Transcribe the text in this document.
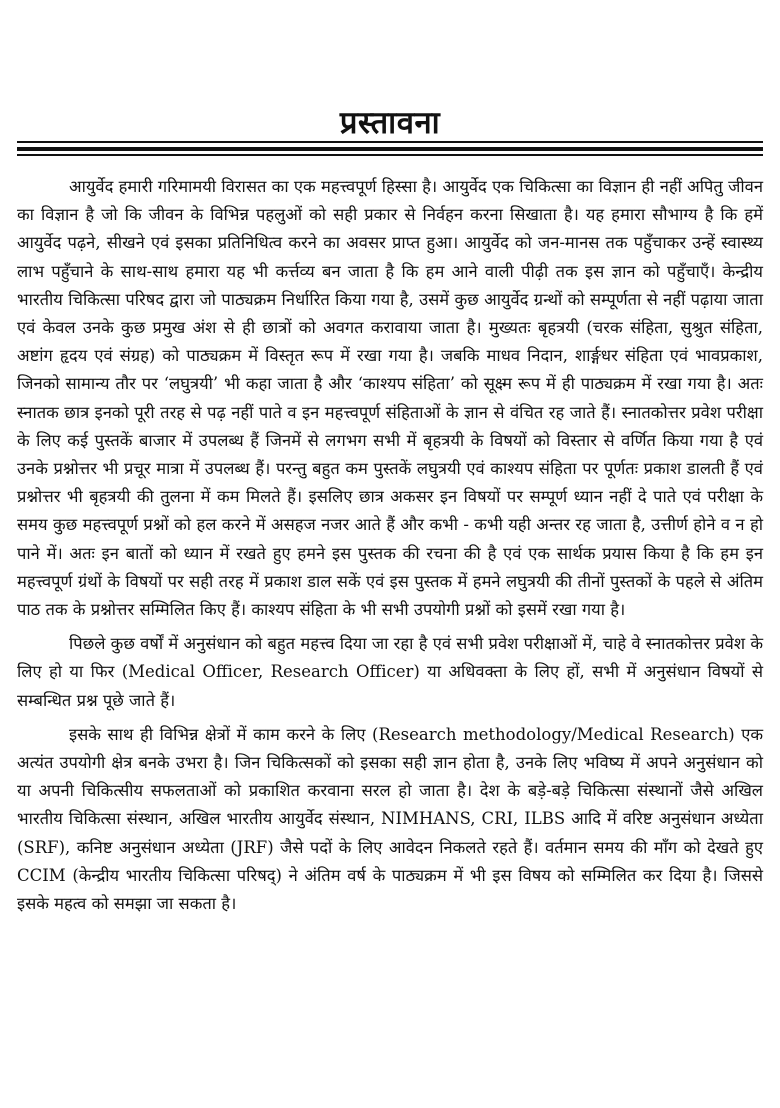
प्रस्तावना

आयुर्वेद हमारी गरिमामयी विरासत का एक महत्त्वपूर्ण हिस्सा है। आयुर्वेद एक चिकित्सा का विज्ञान ही नहीं अपितु जीवन का विज्ञान है जो कि जीवन के विभिन्न पहलुओं को सही प्रकार से निर्वहन करना सिखाता है। यह हमारा सौभाग्य है कि हमें आयुर्वेद पढ़ने, सीखने एवं इसका प्रतिनिधित्व करने का अवसर प्राप्त हुआ। आयुर्वेद को जन-मानस तक पहुँचाकर उन्हें स्वास्थ्य लाभ पहुँचाने के साथ-साथ हमारा यह भी कर्त्तव्य बन जाता है कि हम आने वाली पीढ़ी तक इस ज्ञान को पहुँचाएँ। केन्द्रीय भारतीय चिकित्सा परिषद द्वारा जो पाठ्यक्रम निर्धारित किया गया है, उसमें कुछ आयुर्वेद ग्रन्थों को सम्पूर्णता से नहीं पढ़ाया जाता एवं केवल उनके कुछ प्रमुख अंश से ही छात्रों को अवगत करावाया जाता है। मुख्यतः बृहत्रयी (चरक संहिता, सुश्रुत संहिता, अष्टांग हृदय एवं संग्रह) को पाठ्यक्रम में विस्तृत रूप में रखा गया है। जबकि माधव निदान, शार्ङ्गधर संहिता एवं भावप्रकाश, जिनको सामान्य तौर पर ‘लघुत्रयी’ भी कहा जाता है और ‘काश्यप संहिता’ को सूक्ष्म रूप में ही पाठ्यक्रम में रखा गया है। अतः स्नातक छात्र इनको पूरी तरह से पढ़ नहीं पाते व इन महत्त्वपूर्ण संहिताओं के ज्ञान से वंचित रह जाते हैं। स्नातकोत्तर प्रवेश परीक्षा के लिए कई पुस्तकें बाजार में उपलब्ध हैं जिनमें से लगभग सभी में बृहत्रयी के विषयों को विस्तार से वर्णित किया गया है एवं उनके प्रश्नोत्तर भी प्रचूर मात्रा में उपलब्ध हैं। परन्तु बहुत कम पुस्तकें लघुत्रयी एवं काश्यप संहिता पर पूर्णतः प्रकाश डालती हैं एवं प्रश्नोत्तर भी बृहत्रयी की तुलना में कम मिलते हैं। इसलिए छात्र अकसर इन विषयों पर सम्पूर्ण ध्यान नहीं दे पाते एवं परीक्षा के समय कुछ महत्त्वपूर्ण प्रश्नों को हल करने में असहज नजर आते हैं और कभी - कभी यही अन्तर रह जाता है, उत्तीर्ण होने व न हो पाने में। अतः इन बातों को ध्यान में रखते हुए हमने इस पुस्तक की रचना की है एवं एक सार्थक प्रयास किया है कि हम इन महत्त्वपूर्ण ग्रंथों के विषयों पर सही तरह में प्रकाश डाल सकें एवं इस पुस्तक में हमने लघुत्रयी की तीनों पुस्तकों के पहले से अंतिम पाठ तक के प्रश्नोत्तर सम्मिलित किए हैं। काश्यप संहिता के भी सभी उपयोगी प्रश्नों को इसमें रखा गया है।

पिछले कुछ वर्षों में अनुसंधान को बहुत महत्त्व दिया जा रहा है एवं सभी प्रवेश परीक्षाओं में, चाहे वे स्नातकोत्तर प्रवेश के लिए हो या फिर (Medical Officer, Research Officer) या अधिवक्ता के लिए हों, सभी में अनुसंधान विषयों से सम्बन्धित प्रश्न पूछे जाते हैं।

इसके साथ ही विभिन्न क्षेत्रों में काम करने के लिए (Research methodology/Medical Research) एक अत्यंत उपयोगी क्षेत्र बनके उभरा है। जिन चिकित्सकों को इसका सही ज्ञान होता है, उनके लिए भविष्य में अपने अनुसंधान को या अपनी चिकित्सीय सफलताओं को प्रकाशित करवाना सरल हो जाता है। देश के बड़े-बड़े चिकित्सा संस्थानों जैसे अखिल भारतीय चिकित्सा संस्थान, अखिल भारतीय आयुर्वेद संस्थान, NIMHANS, CRI, ILBS आदि में वरिष्ट अनुसंधान अध्येता (SRF), कनिष्ट अनुसंधान अध्येता (JRF) जैसे पदों के लिए आवेदन निकलते रहते हैं। वर्तमान समय की माँग को देखते हुए CCIM (केन्द्रीय भारतीय चिकित्सा परिषद्) ने अंतिम वर्ष के पाठ्यक्रम में भी इस विषय को सम्मिलित कर दिया है। जिससे इसके महत्व को समझा जा सकता है।
